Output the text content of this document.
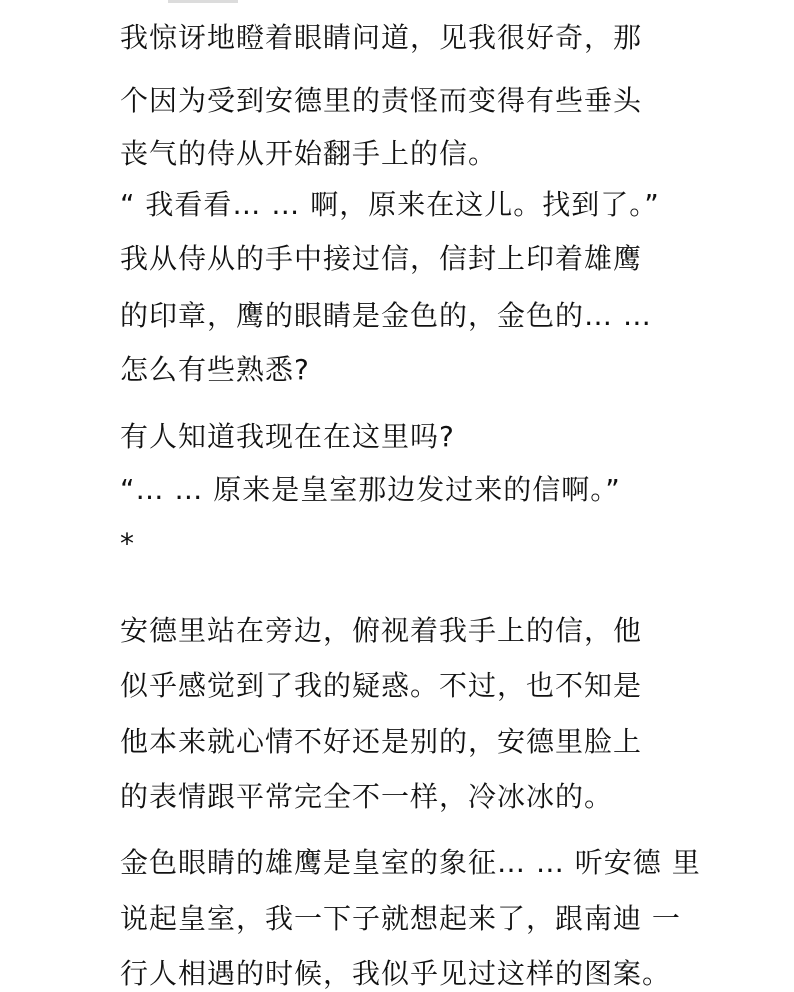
我惊讶地瞪着眼睛问道，见我很好奇，那

个因为受到安德里的责怪而变得有些垂头

丧气的侍从开始翻手上的信。

“ 我看看… … 啊，原来在这儿。找到了。”

我从侍从的手中接过信，信封上印着雄鹰

的印章，鹰的眼睛是金色的，金色的… …

怎么有些熟悉?

有人知道我现在在这里吗?

“… … 原来是皇室那边发过来的信啊。”

*

安德里站在旁边，俯视着我手上的信，他

似乎感觉到了我的疑惑。不过，也不知是

他本来就心情不好还是别的，安德里脸上

的表情跟平常完全不一样，冷冰冰的。

金色眼睛的雄鹰是皇室的象征… … 听安德 里

说起皇室，我一下子就想起来了，跟南迪 一

行人相遇的时候，我似乎见过这样的图案。
